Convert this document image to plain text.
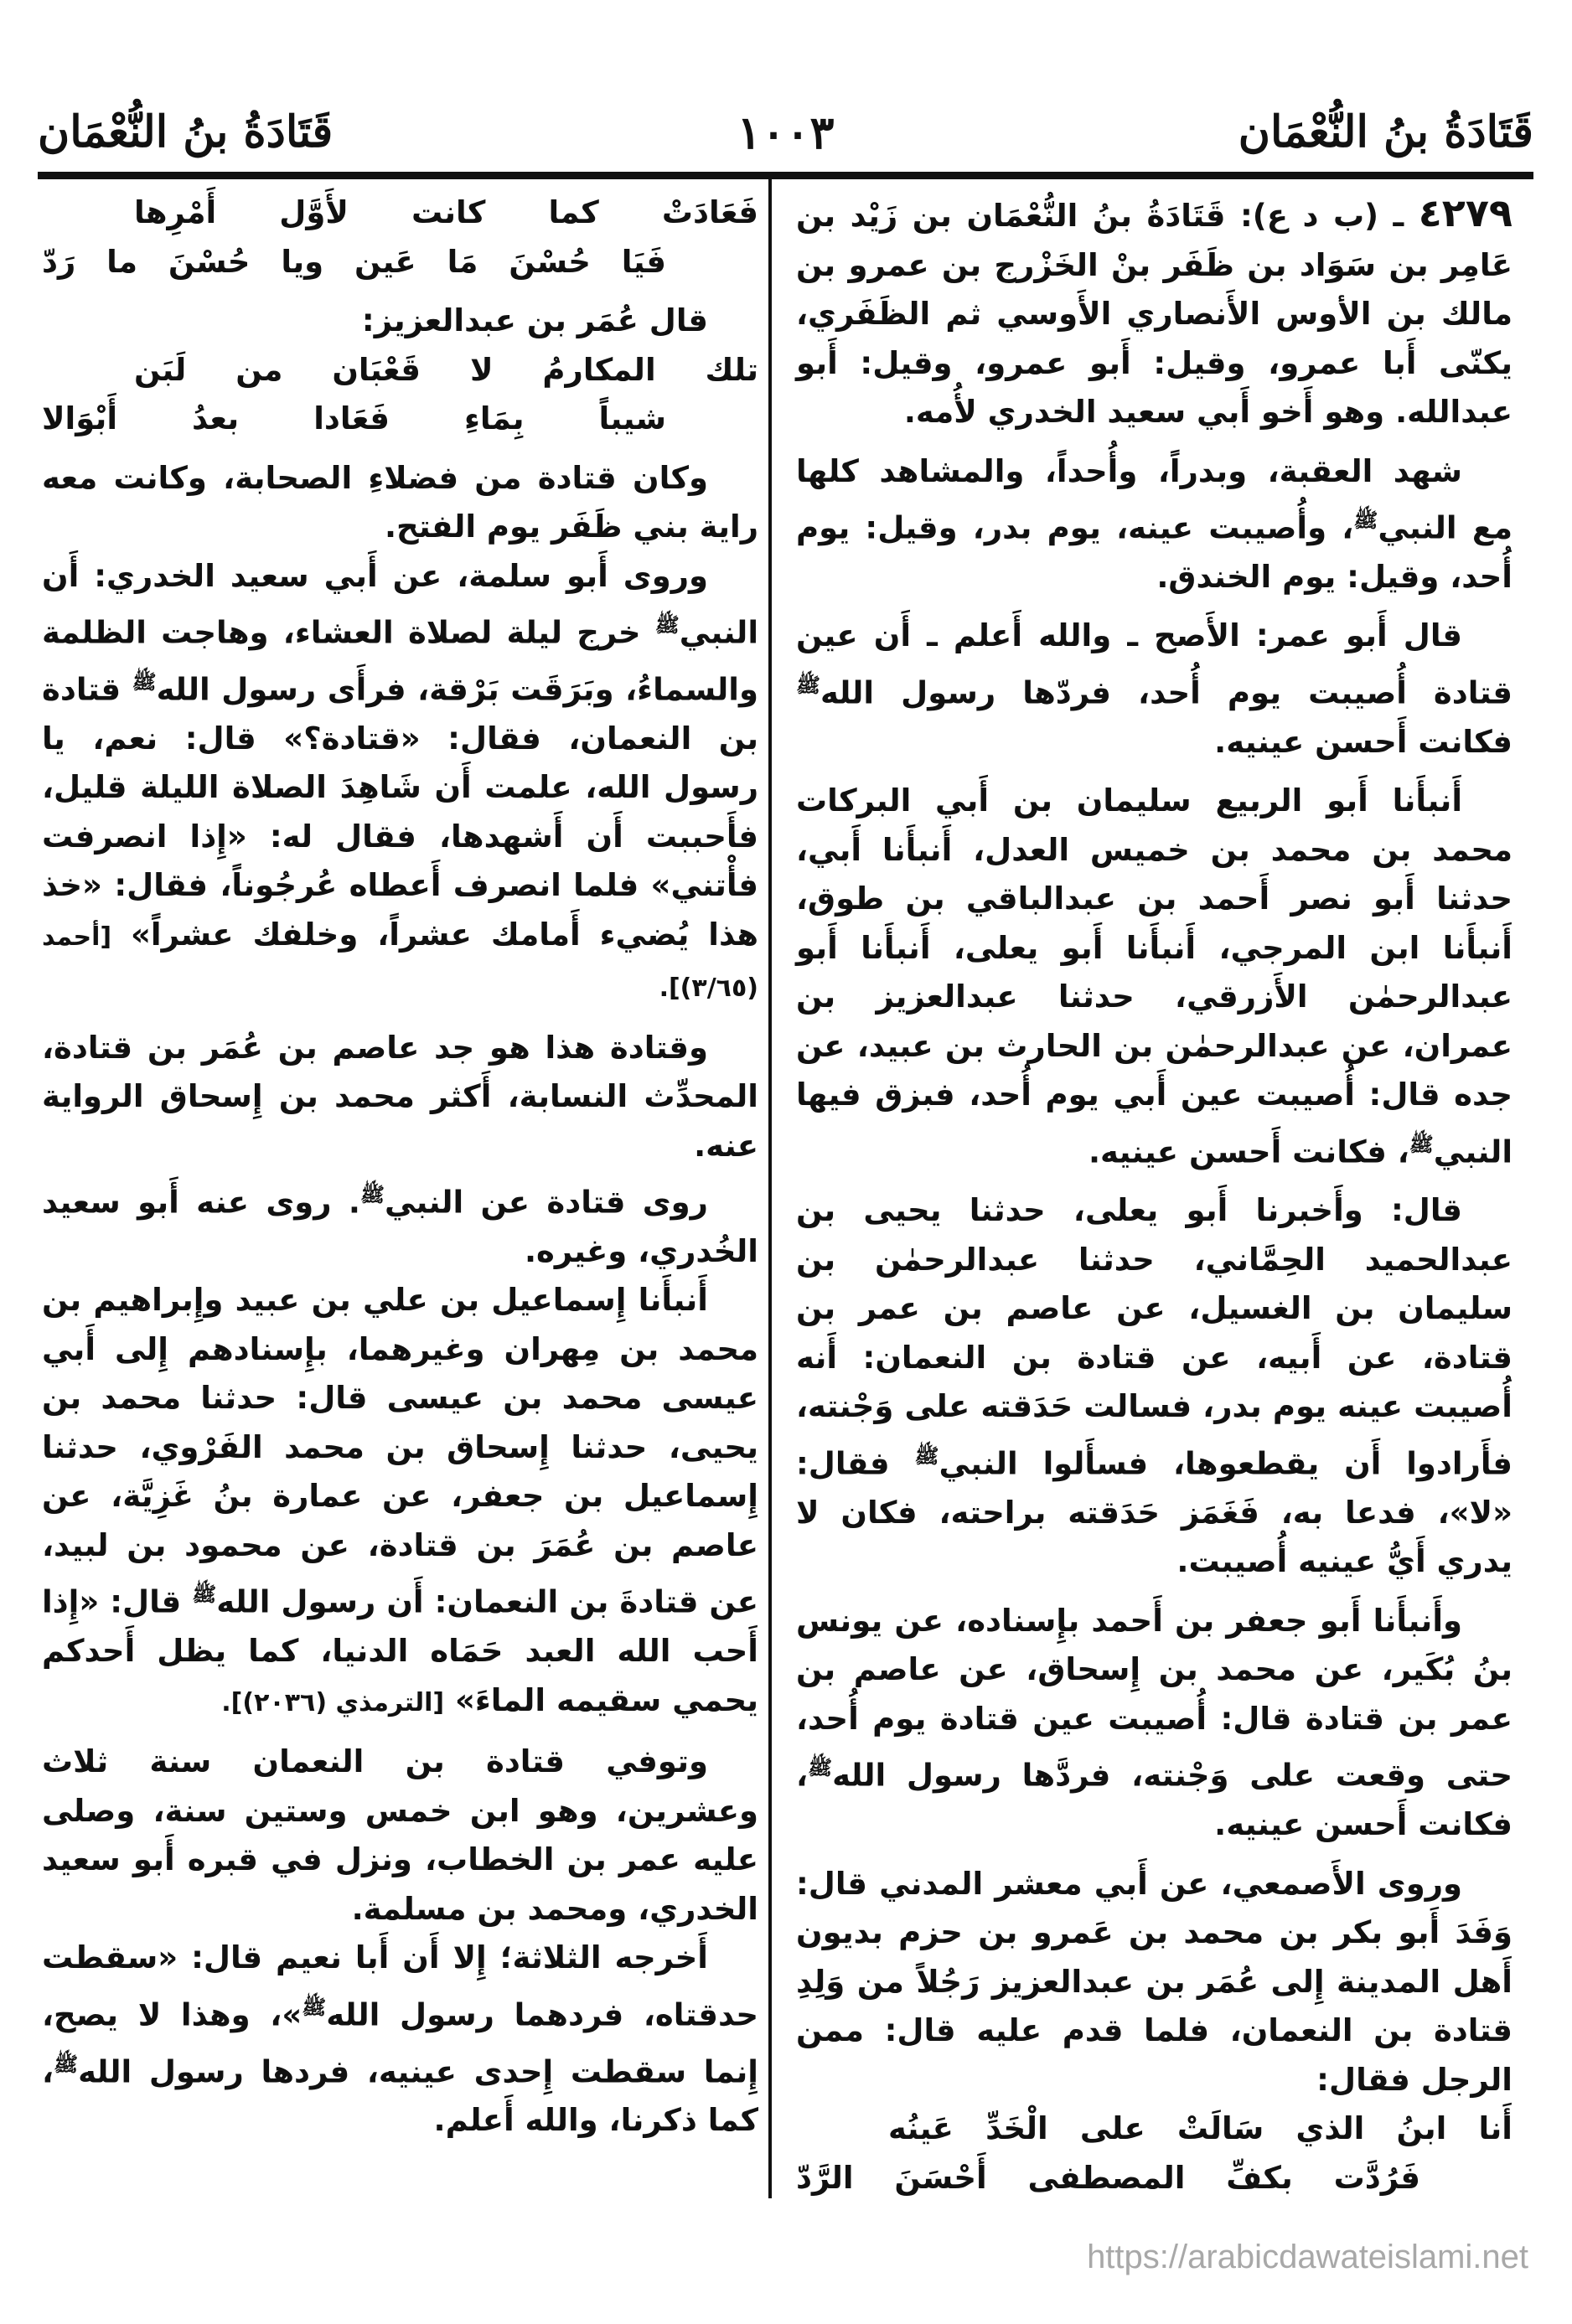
قَتَادَةُ بنُ النُّعْمَان
١٠٠٣
قَتَادَةُ بنُ النُّعْمَان

٤٢٧٩ ـ (ب د ع): قَتَادَةُ بنُ النُّعْمَان بن زَيْد بن عَامِر بن سَوَاد بن ظَفَر بنْ الخَزْرج بن عمرو بن مالك بن الأوس الأَنصاري الأَوسي ثم الظَفَري، يكنّى أَبا عمرو، وقيل: أَبو عمرو، وقيل: أَبو عبدالله. وهو أَخو أَبي سعيد الخدري لأُمه.

شهد العقبة، وبدراً، وأُحداً، والمشاهد كلها مع النبي$^ﷺ$، وأُصيبت عينه، يوم بدر، وقيل: يوم أُحد، وقيل: يوم الخندق.

قال أَبو عمر: الأَصح ـ والله أَعلم ـ أَن عين قتادة أُصيبت يوم أُحد، فردّها رسول الله$^ﷺ$ فكانت أَحسن عينيه.

أَنبأَنا أَبو الربيع سليمان بن أَبي البركات محمد بن محمد بن خميس العدل، أَنبأَنا أَبي، حدثنا أَبو نصر أَحمد بن عبدالباقي بن طوق، أَنبأَنا ابن المرجي، أَنبأَنا أَبو يعلى، أَنبأَنا أَبو عبدالرحمٰن الأَزرقي، حدثنا عبدالعزيز بن عمران، عن عبدالرحمٰن بن الحارث بن عبيد، عن جده قال: أُصيبت عين أَبي يوم أُحد، فبزق فيها النبي$^ﷺ$، فكانت أَحسن عينيه.

قال: وأَخبرنا أَبو يعلى، حدثنا يحيى بن عبدالحميد الحِمَّاني، حدثنا عبدالرحمٰن بن سليمان بن الغسيل، عن عاصم بن عمر بن قتادة، عن أَبيه، عن قتادة بن النعمان: أَنه أُصيبت عينه يوم بدر، فسالت حَدَقته على وَجْنته، فأَرادوا أَن يقطعوها، فسأَلوا النبي$^ﷺ$ فقال: «لا»، فدعا به، فَغَمَز حَدَقته براحته، فكان لا يدري أَيُّ عينيه أُصيبت.

وأَنبأَنا أَبو جعفر بن أَحمد بإِسناده، عن يونس بنُ بُكَير، عن محمد بن إِسحاق، عن عاصم بن عمر بن قتادة قال: أُصيبت عين قتادة يوم أُحد، حتى وقعت على وَجْنته، فردَّها رسول الله$^ﷺ$، فكانت أَحسن عينيه.

وروى الأَصمعي، عن أَبي معشر المدني قال: وَفَدَ أَبو بكر بن محمد بن عَمرو بن حزم بديون أَهل المدينة إِلى عُمَر بن عبدالعزيز رَجُلاً من وَلِدِ قتادة بن النعمان، فلما قدم عليه قال: ممن الرجل فقال:

أَنا ابنُ الذي سَالَتْ على الْخَدِّ عَينُه
فَرُدَّت بكفِّ المصطفى أَحْسَنَ الرَّدّ
فَعَادَتْ كما كانت لأَوَّل أَمْرِها
فَيَا حُسْنَ مَا عَين ويا حُسْنَ ما رَدّ

قال عُمَر بن عبدالعزيز:

تلك المكارمُ لا قَعْبَان من لَبَن
شيباً بِمَاءِ فَعَادا بعدُ أَبْوَالا

وكان قتادة من فضلاءِ الصحابة، وكانت معه راية بني ظَفَر يوم الفتح.

وروى أَبو سلمة، عن أَبي سعيد الخدري: أَن النبي$^ﷺ$ خرج ليلة لصلاة العشاء، وهاجت الظلمة والسماءُ، وبَرَقَت بَرْقة، فرأَى رسول الله$^ﷺ$ قتادة بن النعمان، فقال: «قتادة؟» قال: نعم، يا رسول الله، علمت أَن شَاهِدَ الصلاة الليلة قليل، فأَحببت أَن أَشهدها، فقال له: «إِذا انصرفت فأْتني» فلما انصرف أَعطاه عُرجُوناً، فقال: «خذ هذا يُضيء أَمامك عشراً، وخلفك عشراً» [أحمد (٣/٦٥)].

وقتادة هذا هو جد عاصم بن عُمَر بن قتادة، المحدِّث النسابة، أَكثر محمد بن إِسحاق الرواية عنه.

روى قتادة عن النبي$^ﷺ$. روى عنه أَبو سعيد الخُدري، وغيره.

أَنبأَنا إِسماعيل بن علي بن عبيد وإِبراهيم بن محمد بن مِهران وغيرهما، بإِسنادهم إِلى أَبي عيسى محمد بن عيسى قال: حدثنا محمد بن يحيى، حدثنا إِسحاق بن محمد الفَرْوي، حدثنا إِسماعيل بن جعفر، عن عمارة بنُ غَزِيَّة، عن عاصم بن عُمَرَ بن قتادة، عن محمود بن لبيد، عن قتادةَ بن النعمان: أَن رسول الله$^ﷺ$ قال: «إِذا أَحب الله العبد حَمَاه الدنيا، كما يظل أَحدكم يحمي سقيمه الماءَ» [الترمذي (٢٠٣٦)].

وتوفي قتادة بن النعمان سنة ثلاث وعشرين، وهو ابن خمس وستين سنة، وصلى عليه عمر بن الخطاب، ونزل في قبره أَبو سعيد الخدري، ومحمد بن مسلمة.

أَخرجه الثلاثة؛ إِلا أَن أَبا نعيم قال: «سقطت حدقتاه، فردهما رسول الله$^ﷺ$»، وهذا لا يصح، إِنما سقطت إِحدى عينيه، فردها رسول الله$^ﷺ$، كما ذكرنا، والله أَعلم.

https://arabicdawateislami.net
